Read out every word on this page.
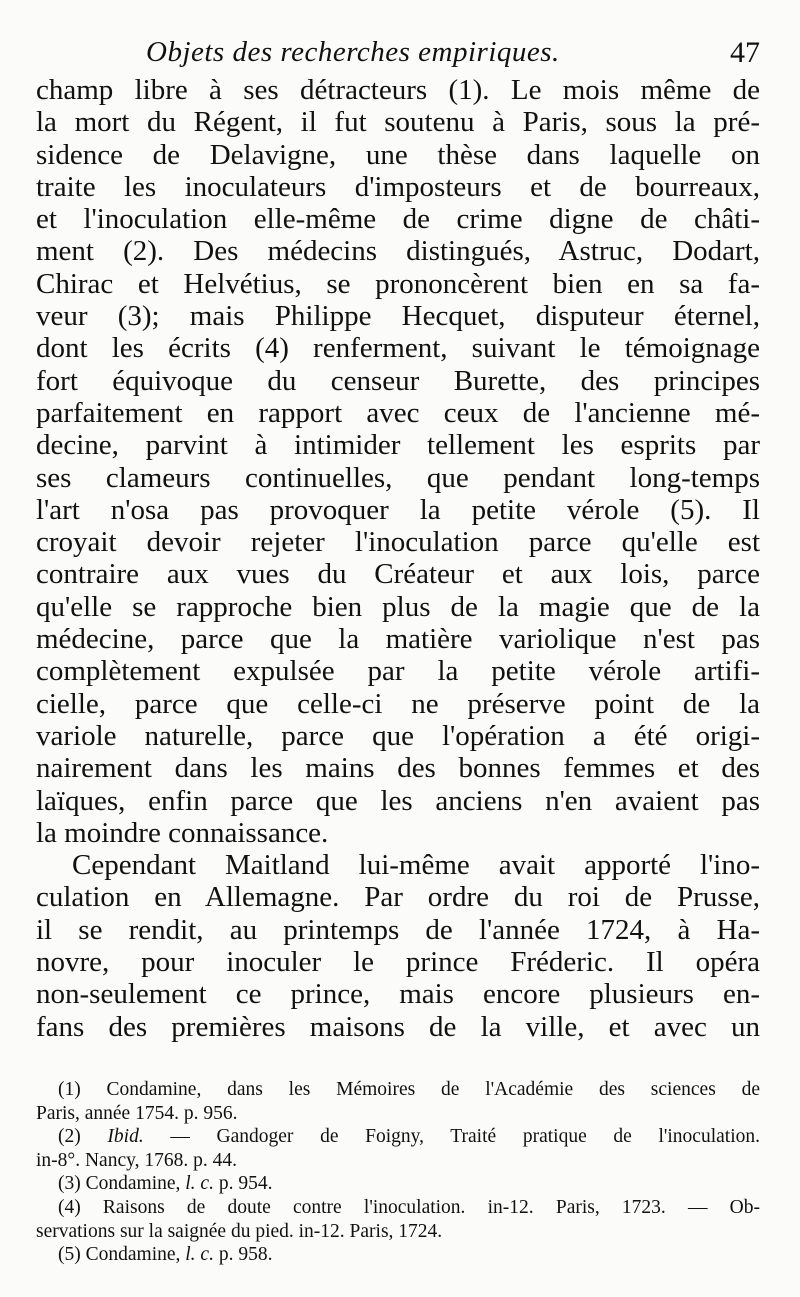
Objets des recherches empiriques.	47
champ libre à ses détracteurs (1). Le mois même de
la mort du Régent, il fut soutenu à Paris, sous la pré-
sidence de Delavigne, une thèse dans laquelle on
traite les inoculateurs d'imposteurs et de bourreaux,
et l'inoculation elle-même de crime digne de châti-
ment (2). Des médecins distingués, Astruc, Dodart,
Chirac et Helvétius, se prononcèrent bien en sa fa-
veur (3); mais Philippe Hecquet, disputeur éternel,
dont les écrits (4) renferment, suivant le témoignage
fort équivoque du censeur Burette, des principes
parfaitement en rapport avec ceux de l'ancienne mé-
decine, parvint à intimider tellement les esprits par
ses clameurs continuelles, que pendant long-temps
l'art n'osa pas provoquer la petite vérole (5). Il
croyait devoir rejeter l'inoculation parce qu'elle est
contraire aux vues du Créateur et aux lois, parce
qu'elle se rapproche bien plus de la magie que de la
médecine, parce que la matière variolique n'est pas
complètement expulsée par la petite vérole artifi-
cielle, parce que celle-ci ne préserve point de la
variole naturelle, parce que l'opération a été origi-
nairement dans les mains des bonnes femmes et des
laïques, enfin parce que les anciens n'en avaient pas
la moindre connaissance.
Cependant Maitland lui-même avait apporté l'ino-
culation en Allemagne. Par ordre du roi de Prusse,
il se rendit, au printemps de l'année 1724, à Ha-
novre, pour inoculer le prince Fréderic. Il opéra
non-seulement ce prince, mais encore plusieurs en-
fans des premières maisons de la ville, et avec un
(1) Condamine, dans les Mémoires de l'Académie des sciences de
Paris, année 1754. p. 956.
(2) Ibid. — Gandoger de Foigny, Traité pratique de l'inoculation.
in-8°. Nancy, 1768. p. 44.
(3) Condamine, l. c. p. 954.
(4) Raisons de doute contre l'inoculation. in-12. Paris, 1723. — Ob-
servations sur la saignée du pied. in-12. Paris, 1724.
(5) Condamine, l. c. p. 958.
